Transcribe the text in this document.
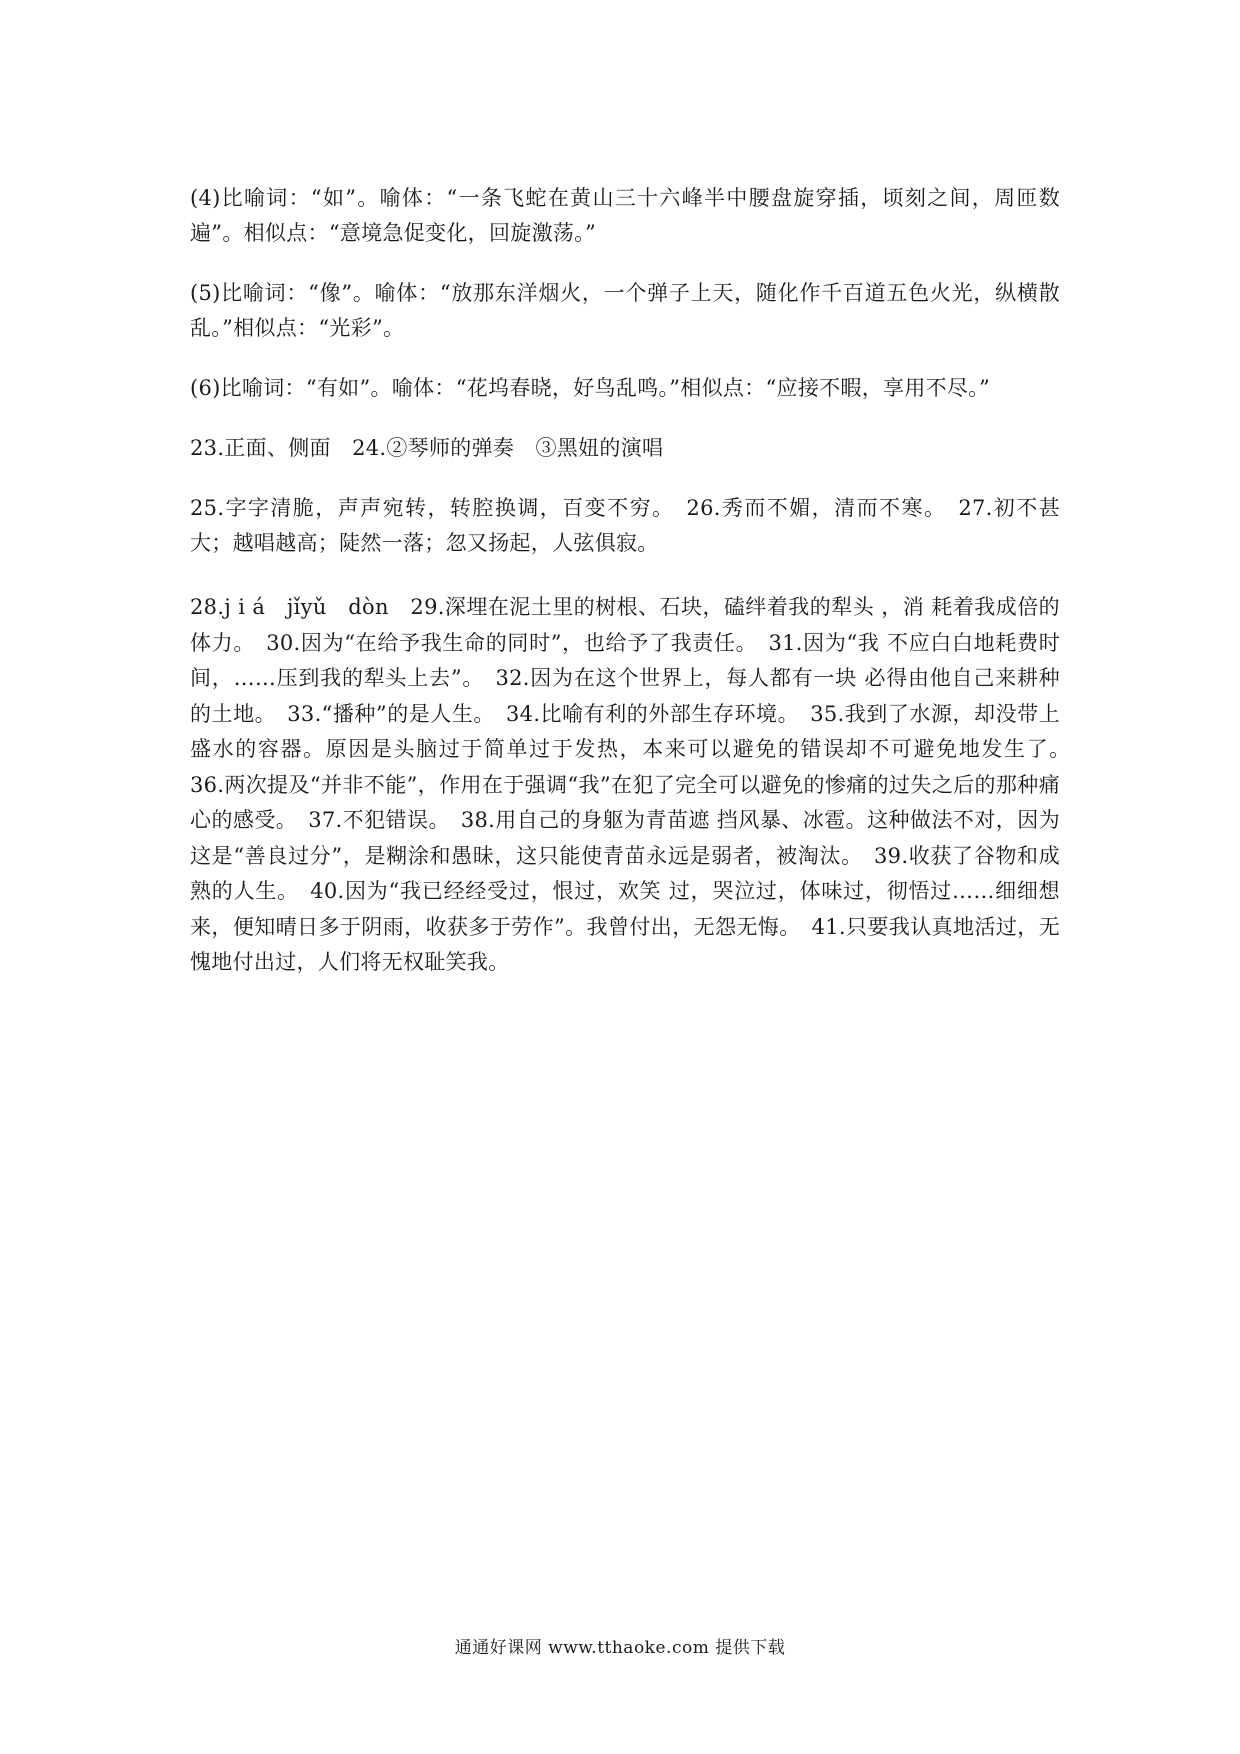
(4)比喻词：“如”。喻体：“一条飞蛇在黄山三十六峰半中腰盘旋穿插，顷刻之间，周匝数遍”。相似点：“意境急促变化，回旋激荡。”

(5)比喻词：“像”。喻体：“放那东洋烟火，一个弹子上天，随化作千百道五色火光，纵横散乱。”相似点：“光彩”。

(6)比喻词：“有如”。喻体：“花坞春晓，好鸟乱鸣。”相似点：“应接不暇，享用不尽。”

23.正面、侧面　24.②琴师的弹奏　③黑妞的演唱

25.字字清脆，声声宛转，转腔换调，百变不穷。　26.秀而不媚，清而不寒。　27.初不甚 大；越唱越高；陡然一落；忽又扬起，人弦俱寂。

28.j i á　jǐyǔ　dòn　29.深埋在泥土里的树根、石块，磕绊着我的犁头 ，消 耗着我成倍的体力。　30.因为“在给予我生命的同时”，也给予了我责任。　31.因为“我 不应白白地耗费时间，……压到我的犁头上去”。　32.因为在这个世界上，每人都有一块 必得由他自己来耕种的土地。　33.“播种”的是人生。　34.比喻有利的外部生存环境。　35.我到了水源，却没带上盛水的容器。原因是头脑过于简单过于发热，本来可以避免的错误却不可避免地发生了。　36.两次提及“并非不能”，作用在于强调“我”在犯了完全可以避免的惨痛的过失之后的那种痛心的感受。　37.不犯错误。　38.用自己的身躯为青苗遮 挡风暴、冰雹。这种做法不对，因为这是“善良过分”，是糊涂和愚昧，这只能使青苗永远是弱者，被淘汰。　39.收获了谷物和成熟的人生。　40.因为“我已经经受过，恨过，欢笑 过，哭泣过，体味过，彻悟过……细细想来，便知晴日多于阴雨，收获多于劳作”。我曾付出，无怨无悔。　41.只要我认真地活过，无愧地付出过，人们将无权耻笑我。

通通好课网 www.tthaoke.com 提供下载
